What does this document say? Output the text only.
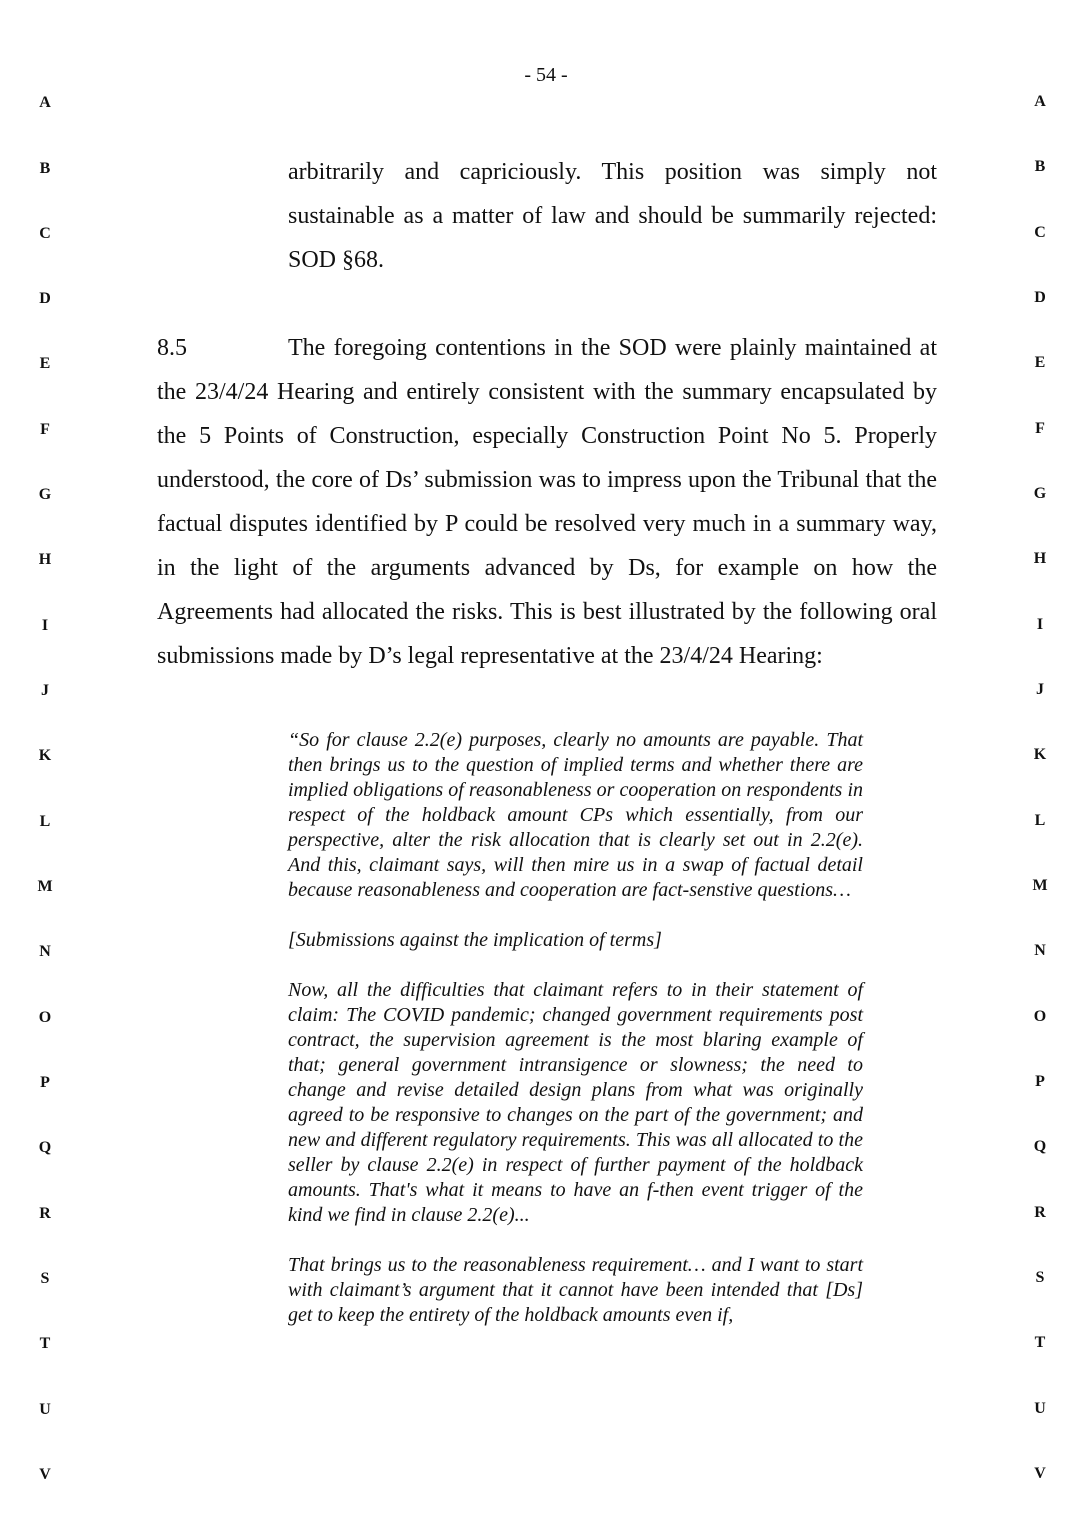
- 54 -
A
B
C
D
E
F
G
H
I
J
K
L
M
N
O
P
Q
R
S
T
U
V
A
B
C
D
E
F
G
H
I
J
K
L
M
N
O
P
Q
R
S
T
U
V
arbitrarily and capriciously. This position was simply not sustainable as a matter of law and should be summarily rejected: SOD §68.
8.5	The foregoing contentions in the SOD were plainly maintained at the 23/4/24 Hearing and entirely consistent with the summary encapsulated by the 5 Points of Construction, especially Construction Point No 5. Properly understood, the core of Ds’ submission was to impress upon the Tribunal that the factual disputes identified by P could be resolved very much in a summary way, in the light of the arguments advanced by Ds, for example on how the Agreements had allocated the risks. This is best illustrated by the following oral submissions made by D’s legal representative at the 23/4/24 Hearing:

“So for clause 2.2(e) purposes, clearly no amounts are payable. That then brings us to the question of implied terms and whether there are implied obligations of reasonableness or cooperation on respondents in respect of the holdback amount CPs which essentially, from our perspective, alter the risk allocation that is clearly set out in 2.2(e). And this, claimant says, will then mire us in a swap of factual detail because reasonableness and cooperation are fact-senstive questions…

[Submissions against the implication of terms]

Now, all the difficulties that claimant refers to in their statement of claim: The COVID pandemic; changed government requirements post contract, the supervision agreement is the most blaring example of that; general government intransigence or slowness; the need to change and revise detailed design plans from what was originally agreed to be responsive to changes on the part of the government; and new and different regulatory requirements. This was all allocated to the seller by clause 2.2(e) in respect of further payment of the holdback amounts. That's what it means to have an f-then event trigger of the kind we find in clause 2.2(e)...

That brings us to the reasonableness requirement… and I want to start with claimant’s argument that it cannot have been intended that [Ds] get to keep the entirety of the holdback amounts even if,
